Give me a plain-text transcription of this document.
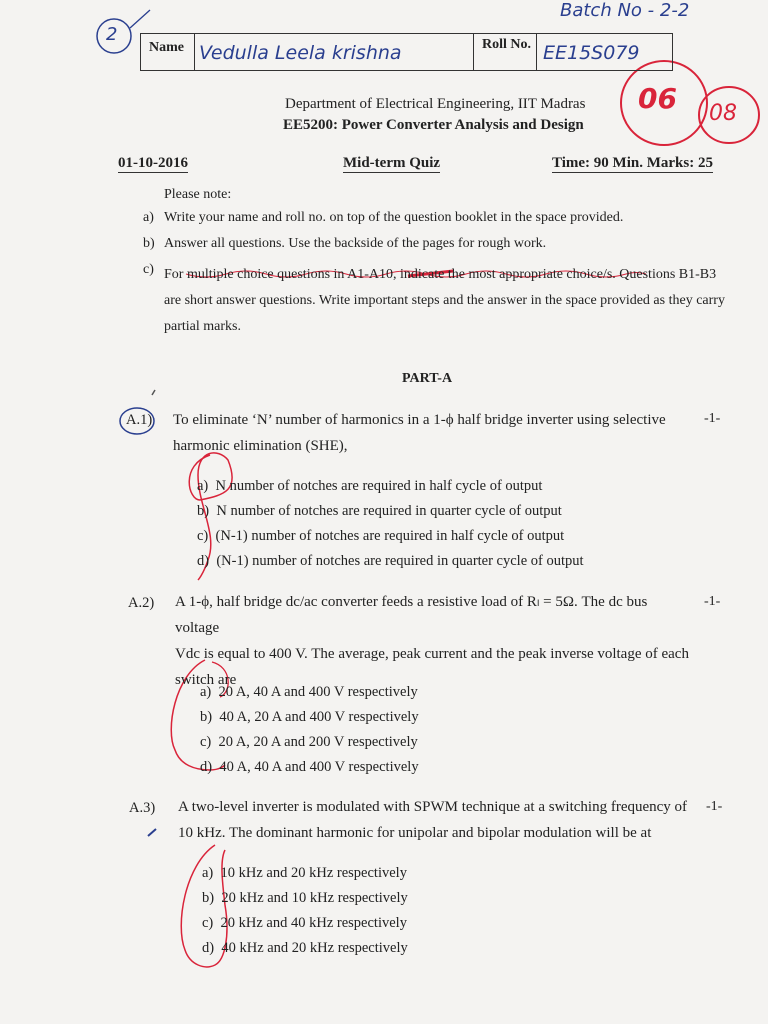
Batch No - 2-2
2
Name Vedulla Leela krishna	Roll No. EE15S079
06 08
Department of Electrical Engineering, IIT Madras
EE5200: Power Converter Analysis and Design
01-10-2016	Mid-term Quiz	Time: 90 Min. Marks: 25
Please note:
a) Write your name and roll no. on top of the question booklet in the space provided.
b) Answer all questions. Use the backside of the pages for rough work.
c) For multiple choice questions in A1-A10, indicate the most appropriate choice/s. Questions B1-B3 are short answer questions. Write important steps and the answer in the space provided as they carry partial marks.
PART-A
A.1) To eliminate ‘N’ number of harmonics in a 1-ϕ half bridge inverter using selective
harmonic elimination (SHE),
-1-
a) N number of notches are required in half cycle of output
b) N number of notches are required in quarter cycle of output
c) (N-1) number of notches are required in half cycle of output
d) (N-1) number of notches are required in quarter cycle of output
A.2) A 1-ϕ, half bridge dc/ac converter feeds a resistive load of Rₗ = 5Ω. The dc bus voltage
Vdc is equal to 400 V. The average, peak current and the peak inverse voltage of each
switch are
-1-
a) 20 A, 40 A and 400 V respectively
b) 40 A, 20 A and 400 V respectively
c) 20 A, 20 A and 200 V respectively
d) 40 A, 40 A and 400 V respectively
A.3) A two-level inverter is modulated with SPWM technique at a switching frequency of
10 kHz. The dominant harmonic for unipolar and bipolar modulation will be at
-1-
a) 10 kHz and 20 kHz respectively
b) 20 kHz and 10 kHz respectively
c) 20 kHz and 40 kHz respectively
d) 40 kHz and 20 kHz respectively
